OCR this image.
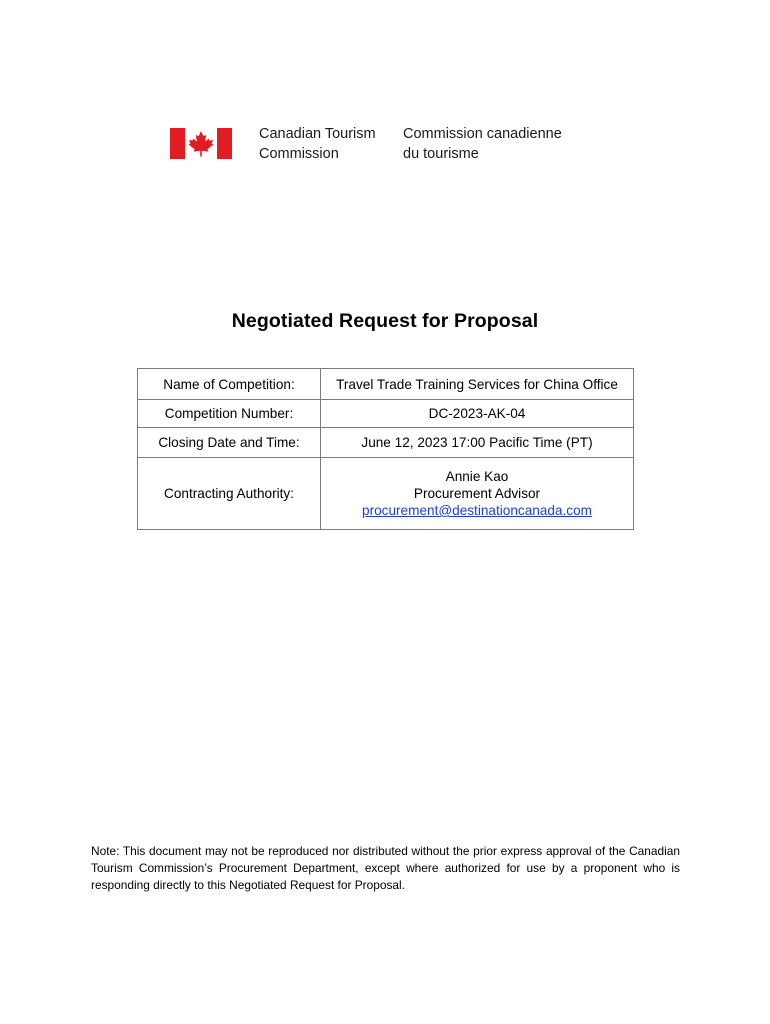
Canadian Tourism
Commission
Commission canadienne
du tourisme
Negotiated Request for Proposal
Name of Competition:	Travel Trade Training Services for China Office
Competition Number:	DC-2023-AK-04
Closing Date and Time:	June 12, 2023 17:00 Pacific Time (PT)
Contracting Authority:	Annie Kao
Procurement Advisor
procurement@destinationcanada.com
Note: This document may not be reproduced nor distributed without the prior express approval of the Canadian Tourism Commission’s Procurement Department, except where authorized for use by a proponent who is responding directly to this Negotiated Request for Proposal.
